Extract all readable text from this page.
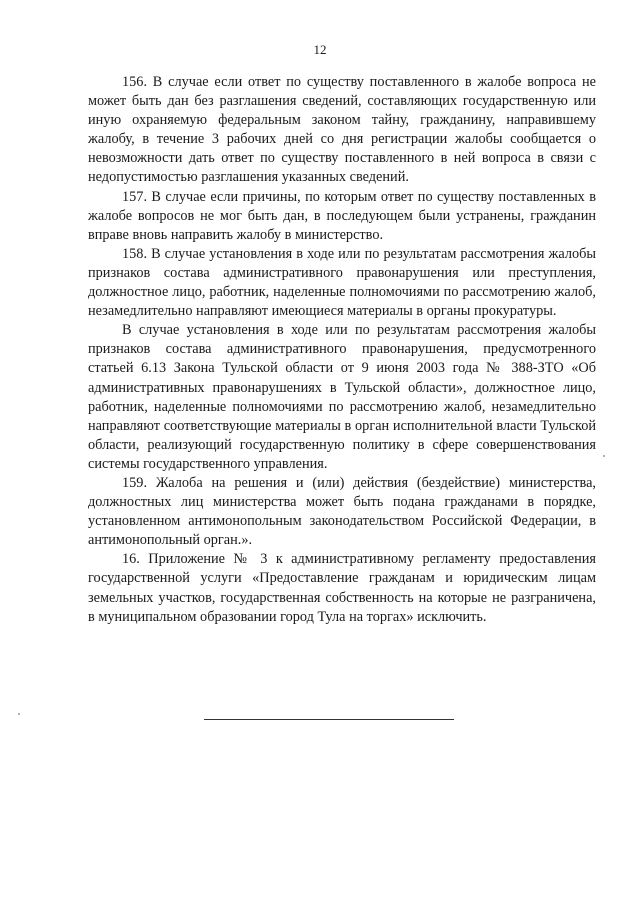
12

156. В случае если ответ по существу поставленного в жалобе вопроса не может быть дан без разглашения сведений, составляющих государственную или иную охраняемую федеральным законом тайну, гражданину, направившему жалобу, в течение 3 рабочих дней со дня регистрации жалобы сообщается о невозможности дать ответ по существу поставленного в ней вопроса в связи с недопустимостью разглашения указанных сведений.

157. В случае если причины, по которым ответ по существу поставленных в жалобе вопросов не мог быть дан, в последующем были устранены, гражданин вправе вновь направить жалобу в министерство.

158. В случае установления в ходе или по результатам рассмотрения жалобы признаков состава административного правонарушения или преступления, должностное лицо, работник, наделенные полномочиями по рассмотрению жалоб, незамедлительно направляют имеющиеся материалы в органы прокуратуры.

В случае установления в ходе или по результатам рассмотрения жалобы признаков состава административного правонарушения, предусмотренного статьей 6.13 Закона Тульской области от 9 июня 2003 года № 388-ЗТО «Об административных правонарушениях в Тульской области», должностное лицо, работник, наделенные полномочиями по рассмотрению жалоб, незамедлительно направляют соответствующие материалы в орган исполнительной власти Тульской области, реализующий государственную политику в сфере совершенствования системы государственного управления.

159. Жалоба на решения и (или) действия (бездействие) министерства, должностных лиц министерства может быть подана гражданами в порядке, установленном антимонопольным законодательством Российской Федерации, в антимонопольный орган.».

16. Приложение № 3 к административному регламенту предоставления государственной услуги «Предоставление гражданам и юридическим лицам земельных участков, государственная собственность на которые не разграничена, в муниципальном образовании город Тула на торгах» исключить.
